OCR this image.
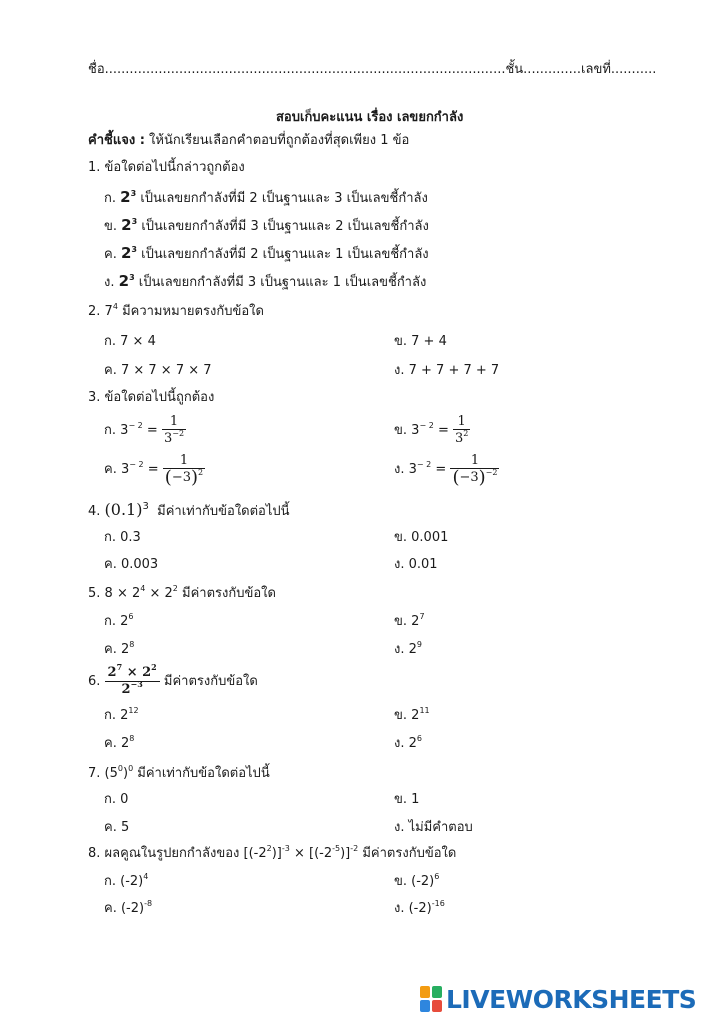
ชื่อ.................................................................................................ชั้น..............เลขที่...........
สอบเก็บคะแนน เรื่อง เลขยกกำลัง
คำชี้แจง : ให้นักเรียนเลือกคำตอบที่ถูกต้องที่สุดเพียง 1 ข้อ
1. ข้อใดต่อไปนี้กล่าวถูกต้อง
ก. $2^3$ เป็นเลขยกกำลังที่มี 2 เป็นฐานและ 3 เป็นเลขชี้กำลัง
ข. $2^3$ เป็นเลขยกกำลังที่มี 3 เป็นฐานและ 2 เป็นเลขชี้กำลัง
ค. $2^3$ เป็นเลขยกกำลังที่มี 2 เป็นฐานและ 1 เป็นเลขชี้กำลัง
ง. $2^3$ เป็นเลขยกกำลังที่มี 3 เป็นฐานและ 1 เป็นเลขชี้กำลัง
2. $7^4$ มีความหมายตรงกับข้อใด
ก. 7 × 4	ข. 7 + 4
ค. 7 × 7 × 7 × 7	ง. 7 + 7 + 7 + 7
3. ข้อใดต่อไปนี้ถูกต้อง
ก. $3^{- 2} = \frac{1}{3^{-2}}$	ข. $3^{- 2} = \frac{1}{3^2}$
ค. $3^{- 2} = \frac{1}{(-3)^2}$	ง. $3^{- 2} = \frac{1}{(-3)^{-2}}$
4. $(0.1)^3$ มีค่าเท่ากับข้อใดต่อไปนี้
ก. 0.3	ข. 0.001
ค. 0.003	ง. 0.01
5. $8 \times 2^4 \times 2^2$ มีค่าตรงกับข้อใด
ก. $2^6$	ข. $2^7$
ค. $2^8$	ง. $2^9$
6. $\frac{2^7 \times 2^2}{2^{-3}}$ มีค่าตรงกับข้อใด
ก. $2^{12}$	ข. $2^{11}$
ค. $2^8$	ง. $2^6$
7. $(5^0)^0$ มีค่าเท่ากับข้อใดต่อไปนี้
ก. 0	ข. 1
ค. 5	ง. ไม่มีคำตอบ
8. ผลคูณในรูปยกกำลังของ $[(-2^2)]^{-3} \times [(-2^{-5})]^{-2}$ มีค่าตรงกับข้อใด
ก. $(-2)^4$	ข. $(-2)^6$
ค. $(-2)^{-8}$	ง. $(-2)^{-16}$
LIVEWORKSHEETS
